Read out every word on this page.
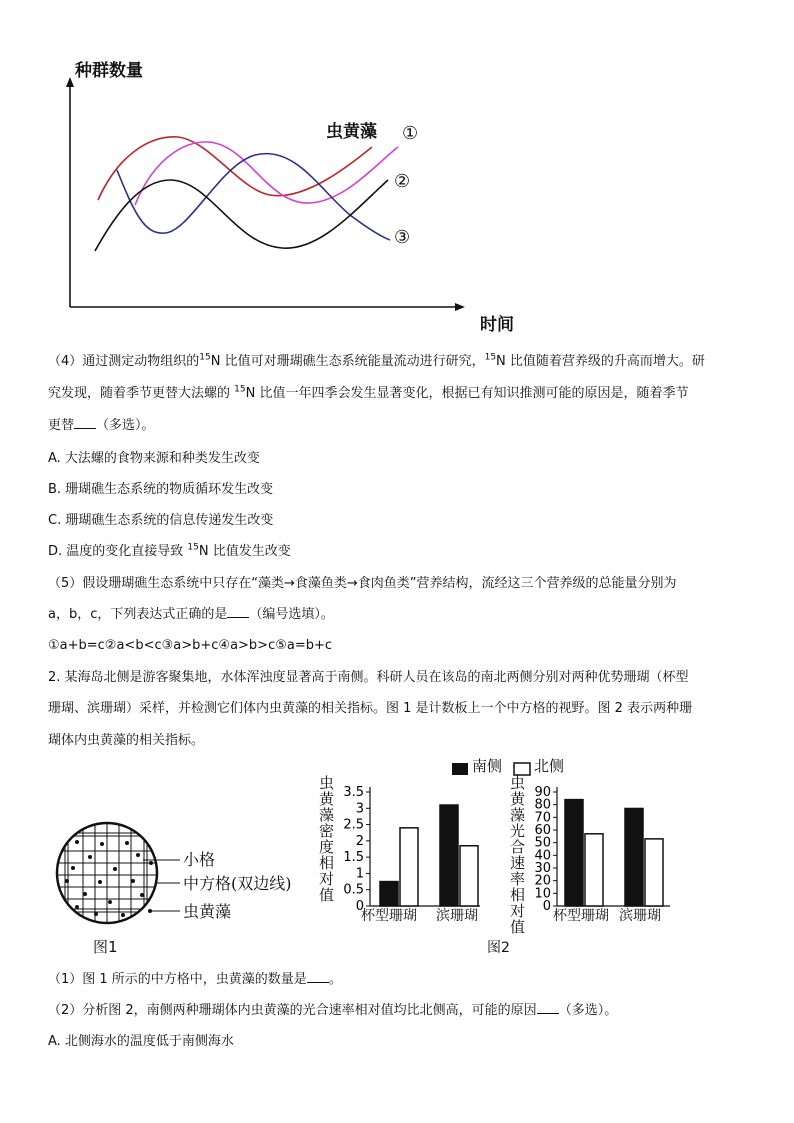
种群数量
时间
虫黄藻 ①
②
③
（4）通过测定动物组织的$^{15}$N 比值可对珊瑚礁生态系统能量流动进行研究，$^{15}$N 比值随着营养级的升高而增大。研
究发现，随着季节更替大法螺的 $^{15}$N 比值一年四季会发生显著变化，根据已有知识推测可能的原因是，随着季节
更替 （多选）。
A. 大法螺的食物来源和种类发生改变
B. 珊瑚礁生态系统的物质循环发生改变
C. 珊瑚礁生态系统的信息传递发生改变
D. 温度的变化直接导致 $^{15}$N 比值发生改变
（5）假设珊瑚礁生态系统中只存在“藻类→食藻鱼类→食肉鱼类”营养结构，流经这三个营养级的总能量分别为
a，b，c，下列表达式正确的是 （编号选填）。
①a+b=c②a<b<c③a>b+c④a>b>c⑤a=b+c
2. 某海岛北侧是游客聚集地，水体浑浊度显著高于南侧。科研人员在该岛的南北两侧分别对两种优势珊瑚（杯型
珊瑚、滨珊瑚）采样，并检测它们体内虫黄藻的相关指标。图 1 是计数板上一个中方格的视野。图 2 表示两种珊
瑚体内虫黄藻的相关指标。
小格
中方格(双边线)
虫黄藻
图1
0
0.5
1
1.5
2
2.5
3
3.5
0
10
20
30
40
50
60
70
80
90
南侧 北侧
虫黄藻密度相对值
虫黄藻光合速率相对值
杯型珊瑚 滨珊瑚	杯型珊瑚 滨珊瑚
图2
（1）图 1 所示的中方格中，虫黄藻的数量是 。
（2）分析图 2，南侧两种珊瑚体内虫黄藻的光合速率相对值均比北侧高，可能的原因 （多选）。
A. 北侧海水的温度低于南侧海水
